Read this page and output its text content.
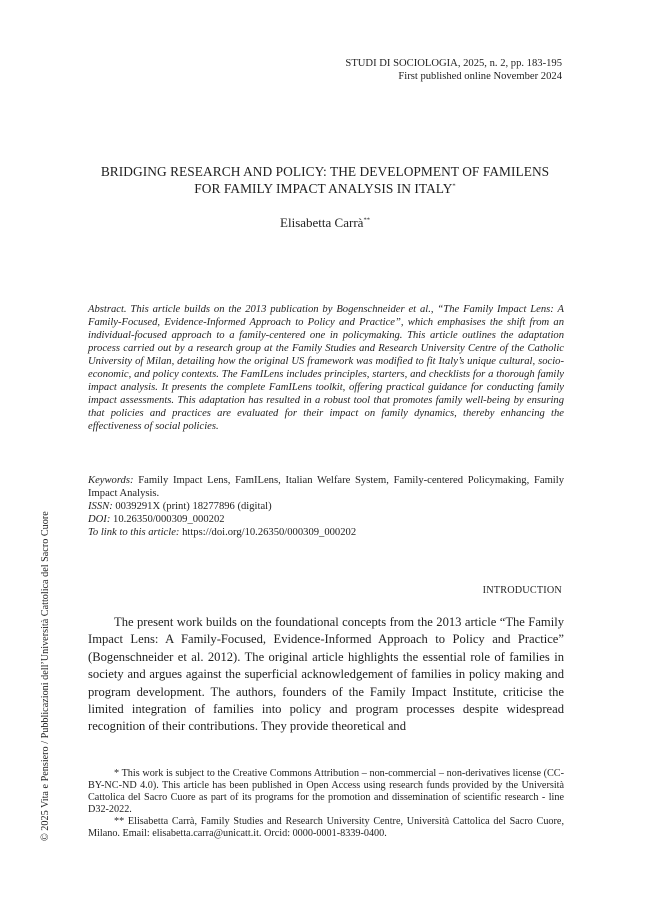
STUDI DI SOCIOLOGIA, 2025, n. 2, pp. 183-195
First published online November 2024
BRIDGING RESEARCH AND POLICY: THE DEVELOPMENT OF FAMILENS
FOR FAMILY IMPACT ANALYSIS IN ITALY*
Elisabetta Carrà**

Abstract. This article builds on the 2013 publication by Bogenschneider et al., “The Family Impact Lens: A Family-Focused, Evidence-Informed Approach to Policy and Practice”, which emphasises the shift from an individual-focused approach to a family-centered one in policymaking. This article outlines the adaptation process carried out by a research group at the Family Studies and Research University Centre of the Catholic University of Milan, detailing how the original US framework was modified to fit Italy’s unique cultural, socio-economic, and policy contexts. The FamILens includes principles, starters, and checklists for a thorough family impact analysis. It presents the complete FamILens toolkit, offering practical guidance for conducting family impact assessments. This adaptation has resulted in a robust tool that promotes family well-being by ensuring that policies and practices are evaluated for their impact on family dynamics, thereby enhancing the effectiveness of social policies.

Keywords: Family Impact Lens, FamILens, Italian Welfare System, Family-centered Policymaking, Family Impact Analysis.

ISSN: 0039291X (print) 18277896 (digital)

DOI: 10.26350/000309_000202

To link to this article: https://doi.org/10.26350/000309_000202

INTRODUCTION

The present work builds on the foundational concepts from the 2013 article “The Family Impact Lens: A Family-Focused, Evidence-Informed Approach to Policy and Practice” (Bogenschneider et al. 2012). The original article highlights the essential role of families in society and argues against the superficial acknowledgement of families in policy making and program development. The authors, founders of the Family Impact Institute, criticise the limited integration of families into policy and program processes despite widespread recognition of their contributions. They provide theoretical and

* This work is subject to the Creative Commons Attribution – non-commercial – non-derivatives license (CC-BY-NC-ND 4.0). This article has been published in Open Access using research funds provided by the Università Cattolica del Sacro Cuore as part of its programs for the promotion and dissemination of scientific research - line D32-2022.

** Elisabetta Carrà, Family Studies and Research University Centre, Università Cattolica del Sacro Cuore, Milano. Email: elisabetta.carra@unicatt.it. Orcid: 0000-0001-8339-0400.

© 2025 Vita e Pensiero / Pubblicazioni dell’Università Cattolica del Sacro Cuore
